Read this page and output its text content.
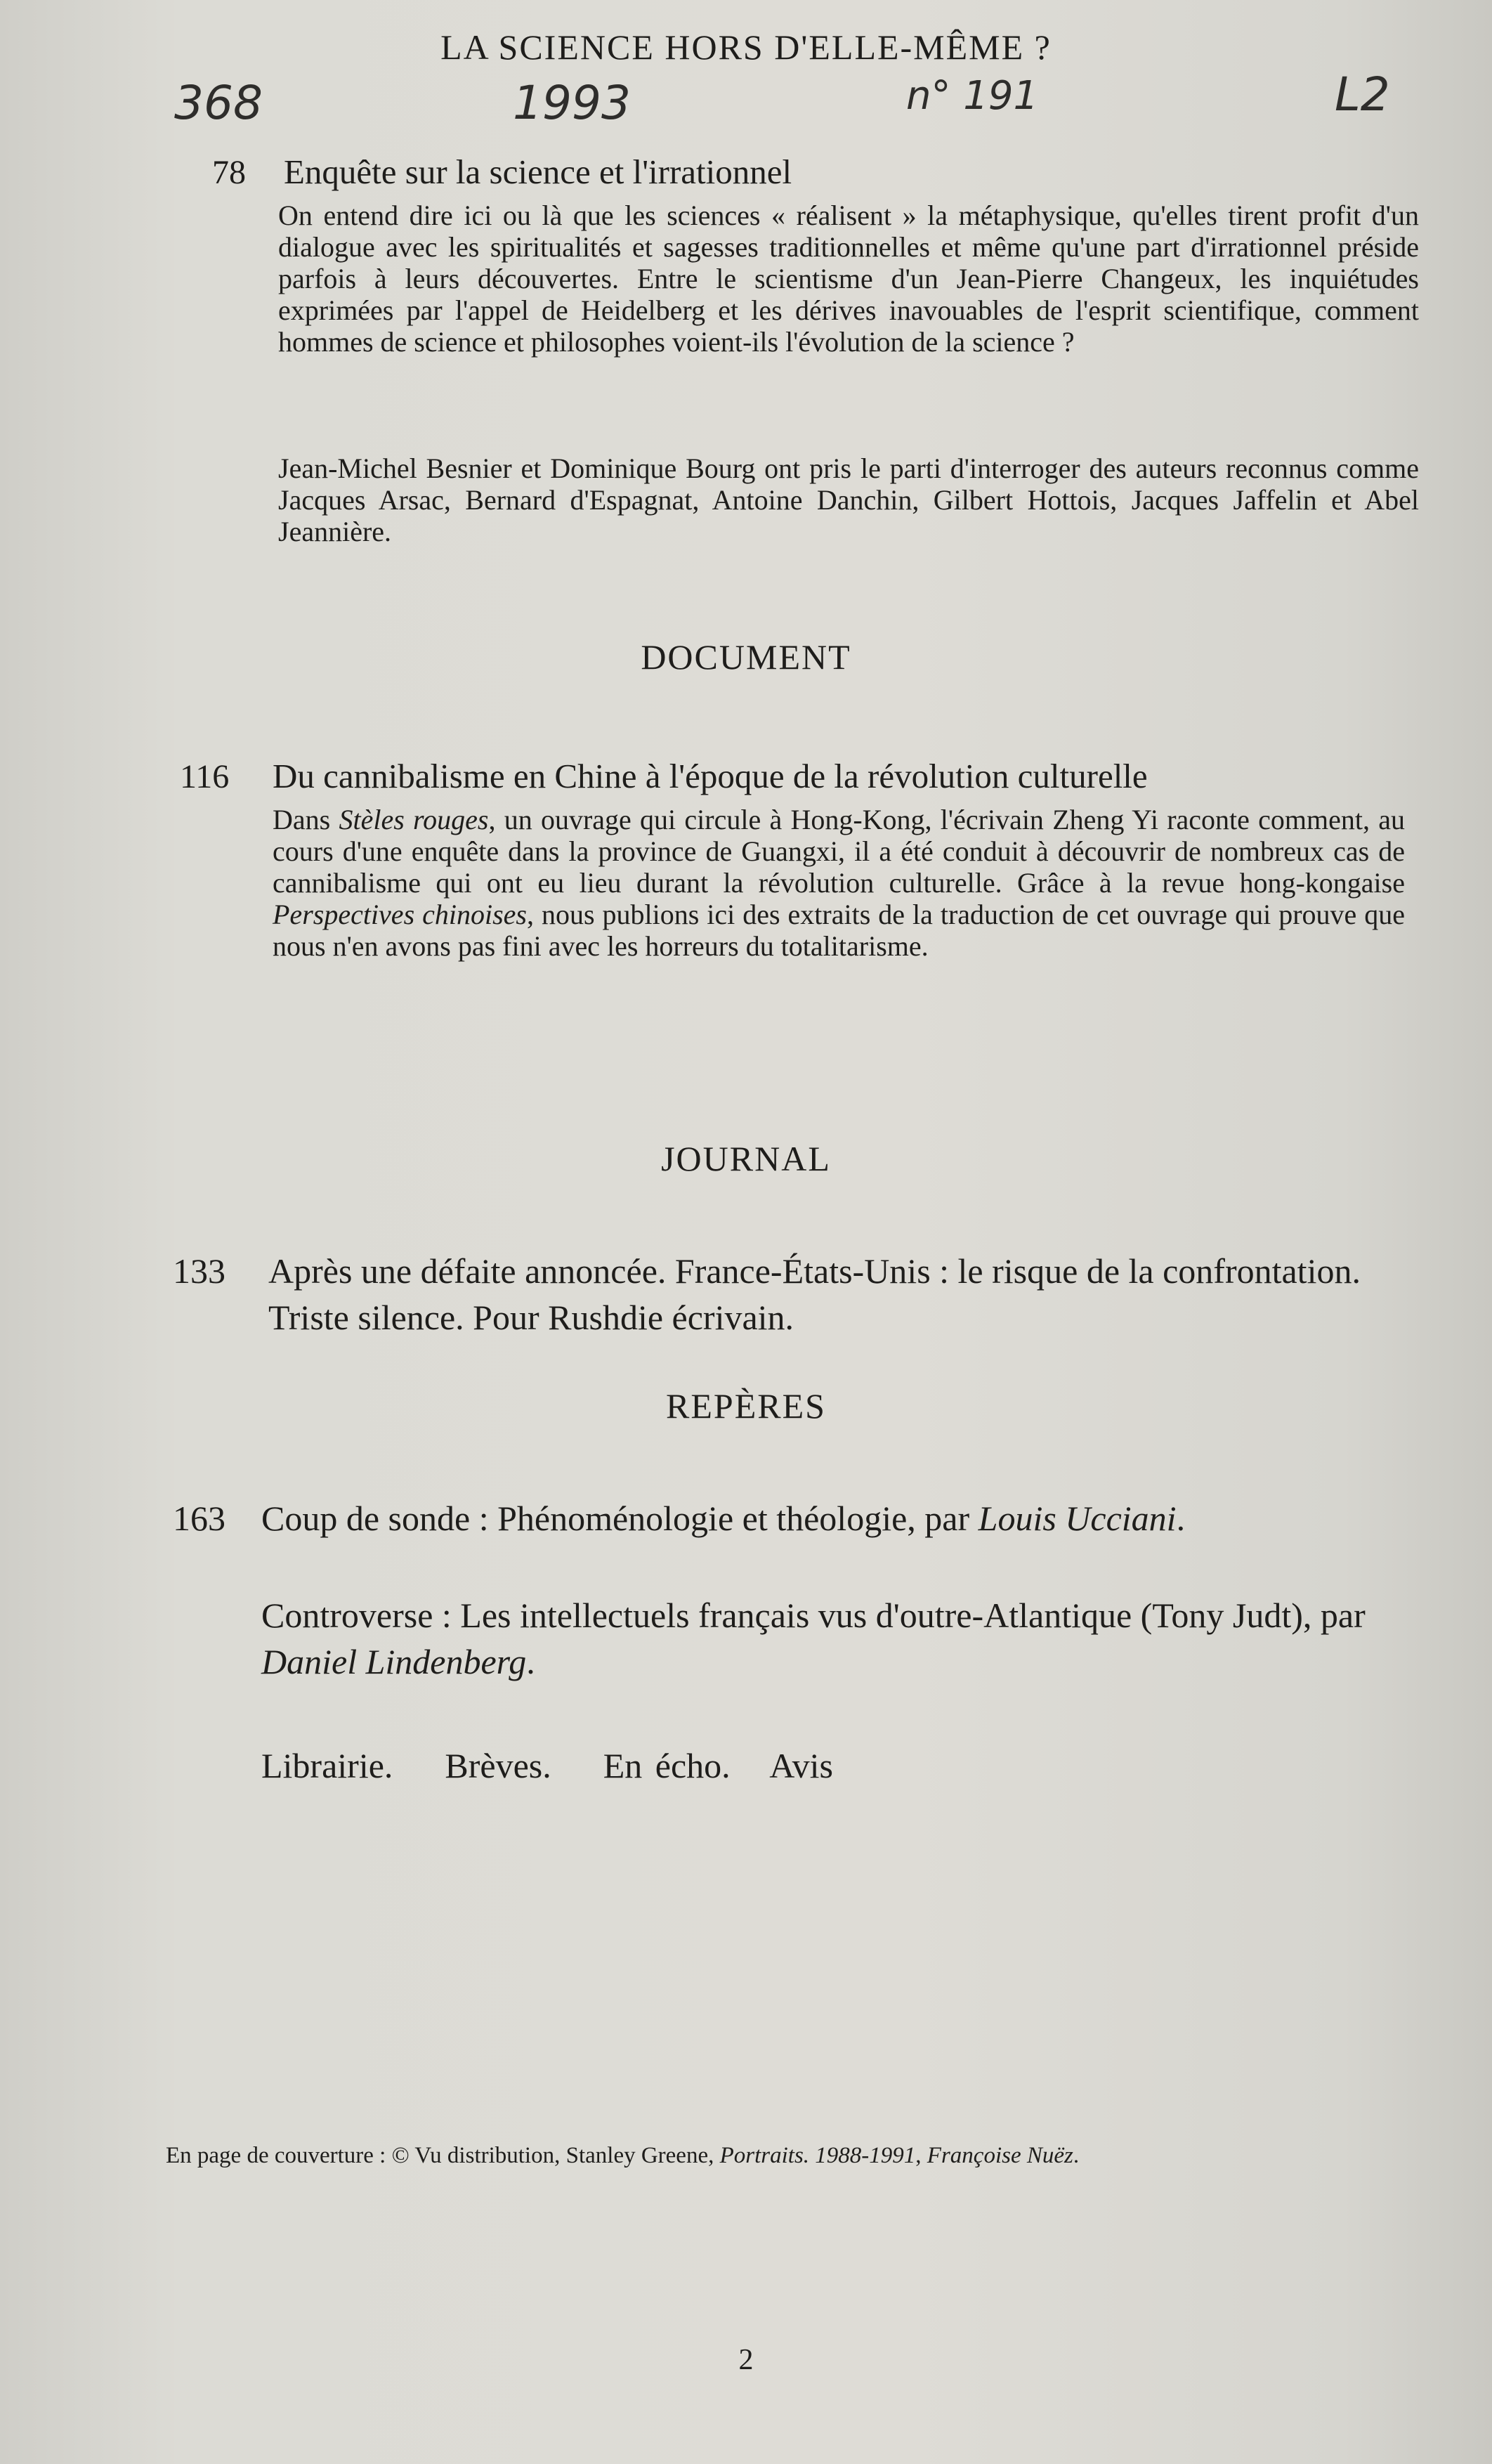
LA SCIENCE HORS D'ELLE-MÊME ?
368	1993	n° 191	L2
78 Enquête sur la science et l'irrationnel
On entend dire ici ou là que les sciences « réalisent » la métaphysique, qu'elles tirent profit d'un dialogue avec les spiritualités et sagesses traditionnelles et même qu'une part d'irrationnel préside parfois à leurs découvertes. Entre le scientisme d'un Jean-Pierre Changeux, les inquiétudes exprimées par l'appel de Heidelberg et les dérives inavouables de l'esprit scientifique, comment hommes de science et philosophes voient-ils l'évolution de la science ?
Jean-Michel Besnier et Dominique Bourg ont pris le parti d'interroger des auteurs reconnus comme Jacques Arsac, Bernard d'Espagnat, Antoine Danchin, Gilbert Hottois, Jacques Jaffelin et Abel Jeannière.
DOCUMENT
116 Du cannibalisme en Chine à l'époque de la révolution culturelle
Dans Stèles rouges, un ouvrage qui circule à Hong-Kong, l'écrivain Zheng Yi raconte comment, au cours d'une enquête dans la province de Guangxi, il a été conduit à découvrir de nombreux cas de cannibalisme qui ont eu lieu durant la révolution culturelle. Grâce à la revue hong-kongaise Perspectives chinoises, nous publions ici des extraits de la traduction de cet ouvrage qui prouve que nous n'en avons pas fini avec les horreurs du totalitarisme.
JOURNAL
133 Après une défaite annoncée. France-États-Unis : le risque de la confrontation. Triste silence. Pour Rushdie écrivain.
REPÈRES
163 Coup de sonde : Phénoménologie et théologie, par Louis Ucciani.
Controverse : Les intellectuels français vus d'outre-Atlantique (Tony Judt), par Daniel Lindenberg.
Librairie. Brèves. En écho. Avis
En page de couverture : © Vu distribution, Stanley Greene, Portraits. 1988-1991, Françoise Nuëz.
2
